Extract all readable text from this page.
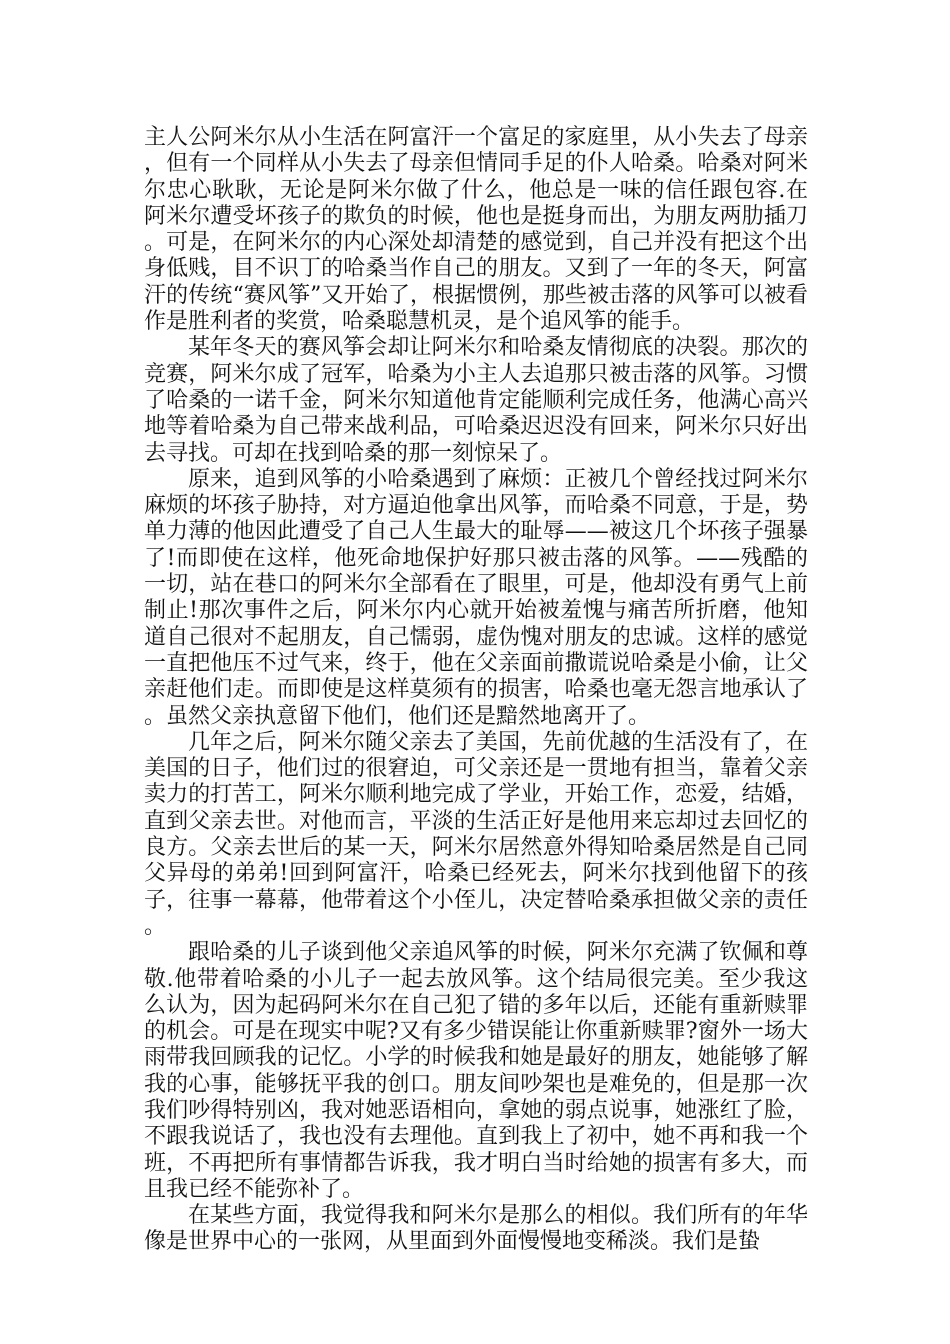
主人公阿米尔从小生活在阿富汗一个富足的家庭里，从小失去了母亲，但有一个同样从小失去了母亲但情同手足的仆人哈桑。哈桑对阿米尔忠心耿耿，无论是阿米尔做了什么，他总是一味的信任跟包容.在阿米尔遭受坏孩子的欺负的时候，他也是挺身而出，为朋友两肋插刀。可是，在阿米尔的内心深处却清楚的感觉到，自己并没有把这个出身低贱，目不识丁的哈桑当作自己的朋友。又到了一年的冬天，阿富汗的传统“赛风筝”又开始了，根据惯例，那些被击落的风筝可以被看作是胜利者的奖赏，哈桑聪慧机灵，是个追风筝的能手。

某年冬天的赛风筝会却让阿米尔和哈桑友情彻底的决裂。那次的竞赛，阿米尔成了冠军，哈桑为小主人去追那只被击落的风筝。习惯了哈桑的一诺千金，阿米尔知道他肯定能顺利完成任务，他满心高兴地等着哈桑为自己带来战利品，可哈桑迟迟没有回来，阿米尔只好出去寻找。可却在找到哈桑的那一刻惊呆了。

原来，追到风筝的小哈桑遇到了麻烦：正被几个曾经找过阿米尔麻烦的坏孩子胁持，对方逼迫他拿出风筝，而哈桑不同意，于是，势单力薄的他因此遭受了自己人生最大的耻辱——被这几个坏孩子强暴了!而即使在这样，他死命地保护好那只被击落的风筝。——残酷的一切，站在巷口的阿米尔全部看在了眼里，可是，他却没有勇气上前制止!那次事件之后，阿米尔内心就开始被羞愧与痛苦所折磨，他知道自己很对不起朋友，自己懦弱，虚伪愧对朋友的忠诚。这样的感觉一直把他压不过气来，终于，他在父亲面前撒谎说哈桑是小偷，让父亲赶他们走。而即使是这样莫须有的损害，哈桑也毫无怨言地承认了。虽然父亲执意留下他们，他们还是黯然地离开了。

几年之后，阿米尔随父亲去了美国，先前优越的生活没有了，在美国的日子，他们过的很窘迫，可父亲还是一贯地有担当，靠着父亲卖力的打苦工，阿米尔顺利地完成了学业，开始工作，恋爱，结婚，直到父亲去世。对他而言，平淡的生活正好是他用来忘却过去回忆的良方。父亲去世后的某一天，阿米尔居然意外得知哈桑居然是自己同父异母的弟弟!回到阿富汗，哈桑已经死去，阿米尔找到他留下的孩子，往事一幕幕，他带着这个小侄儿，决定替哈桑承担做父亲的责任。

跟哈桑的儿子谈到他父亲追风筝的时候，阿米尔充满了钦佩和尊敬.他带着哈桑的小儿子一起去放风筝。这个结局很完美。至少我这么认为，因为起码阿米尔在自己犯了错的多年以后，还能有重新赎罪的机会。可是在现实中呢?又有多少错误能让你重新赎罪?窗外一场大雨带我回顾我的记忆。小学的时候我和她是最好的朋友，她能够了解我的心事，能够抚平我的创口。朋友间吵架也是难免的，但是那一次我们吵得特别凶，我对她恶语相向，拿她的弱点说事，她涨红了脸，不跟我说话了，我也没有去理他。直到我上了初中，她不再和我一个班，不再把所有事情都告诉我，我才明白当时给她的损害有多大，而且我已经不能弥补了。

在某些方面，我觉得我和阿米尔是那么的相似。我们所有的年华像是世界中心的一张网，从里面到外面慢慢地变稀淡。我们是蛰
